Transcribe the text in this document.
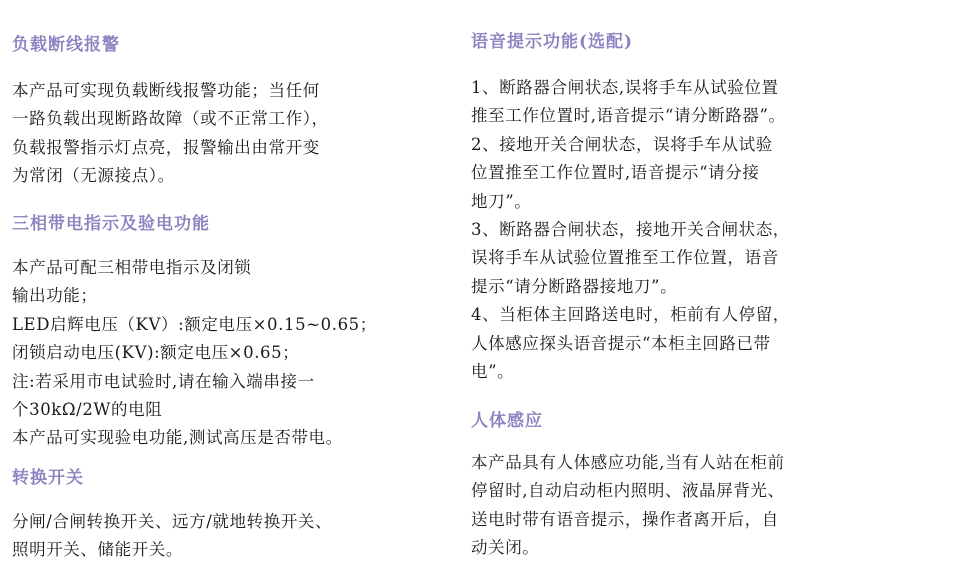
负载断线报警

本产品可实现负载断线报警功能；当任何
一路负载出现断路故障（或不正常工作），
负载报警指示灯点亮，报警输出由常开变
为常闭（无源接点）。

三相带电指示及验电功能

本产品可配三相带电指示及闭锁
输出功能；
LED启辉电压（KV）:额定电压×0.15~0.65；
闭锁启动电压(KV):额定电压×0.65；
注:若采用市电试验时,请在输入端串接一
个30kΩ/2W的电阻
本产品可实现验电功能,测试高压是否带电。

转换开关

分闸/合闸转换开关、远方/就地转换开关、
照明开关、储能开关。

语音提示功能(选配)

1、断路器合闸状态,误将手车从试验位置
推至工作位置时,语音提示“请分断路器”。
2、接地开关合闸状态，误将手车从试验
位置推至工作位置时,语音提示“请分接
地刀”。
3、断路器合闸状态，接地开关合闸状态，
误将手车从试验位置推至工作位置，语音
提示“请分断路器接地刀”。
4、当柜体主回路送电时，柜前有人停留，
人体感应探头语音提示“本柜主回路已带
电”。

人体感应

本产品具有人体感应功能,当有人站在柜前
停留时,自动启动柜内照明、液晶屏背光、
送电时带有语音提示，操作者离开后，自
动关闭。
